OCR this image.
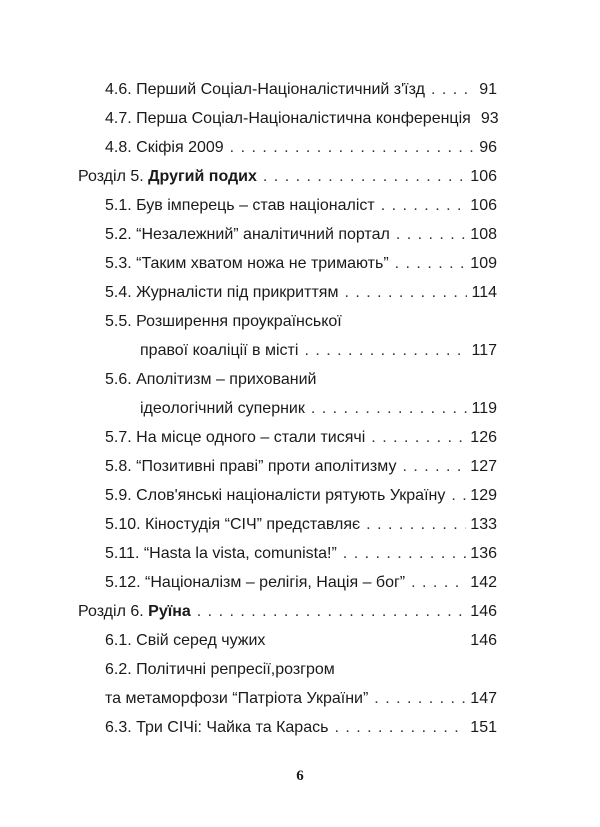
4.6. Перший Соціал-Націоналістичний з'їзд . . .	91
4.7. Перша Соціал-Націоналістична конференція 93
4.8. Скіфія 2009 . . .	96
Розділ 5. Другий подих . . .	106
5.1. Був імперець – став націоналіст . . .	106
5.2. “Незалежний” аналітичний портал . . .	108
5.3. “Таким хватом ножа не тримають” . . .	109
5.4. Журналісти під прикриттям . . .	114
5.5. Розширення проукраїнської
правої коаліції в місті . . .	117
5.6. Аполітизм – прихований
ідеологічний суперник . . .	119
5.7. На місце одного – стали тисячі . . .	126
5.8. “Позитивні праві” проти аполітизму . . .	127
5.9. Слов'янські націоналісти рятують Україну . . . 129
5.10. Кіностудія “СІЧ” представляє . . .	133
5.11. “Hasta la vista, comunista!” . . .	136
5.12. “Націоналізм – релігія, Нація – бог” . . .	142
Розділ 6. Руїна . . .	146
6.1. Свій серед чужих	146
6.2. Політичні репресії,розгром
та метаморфози “Патріота України” . . .	147
6.3. Три СІЧі: Чайка та Карась . . .	151
6
